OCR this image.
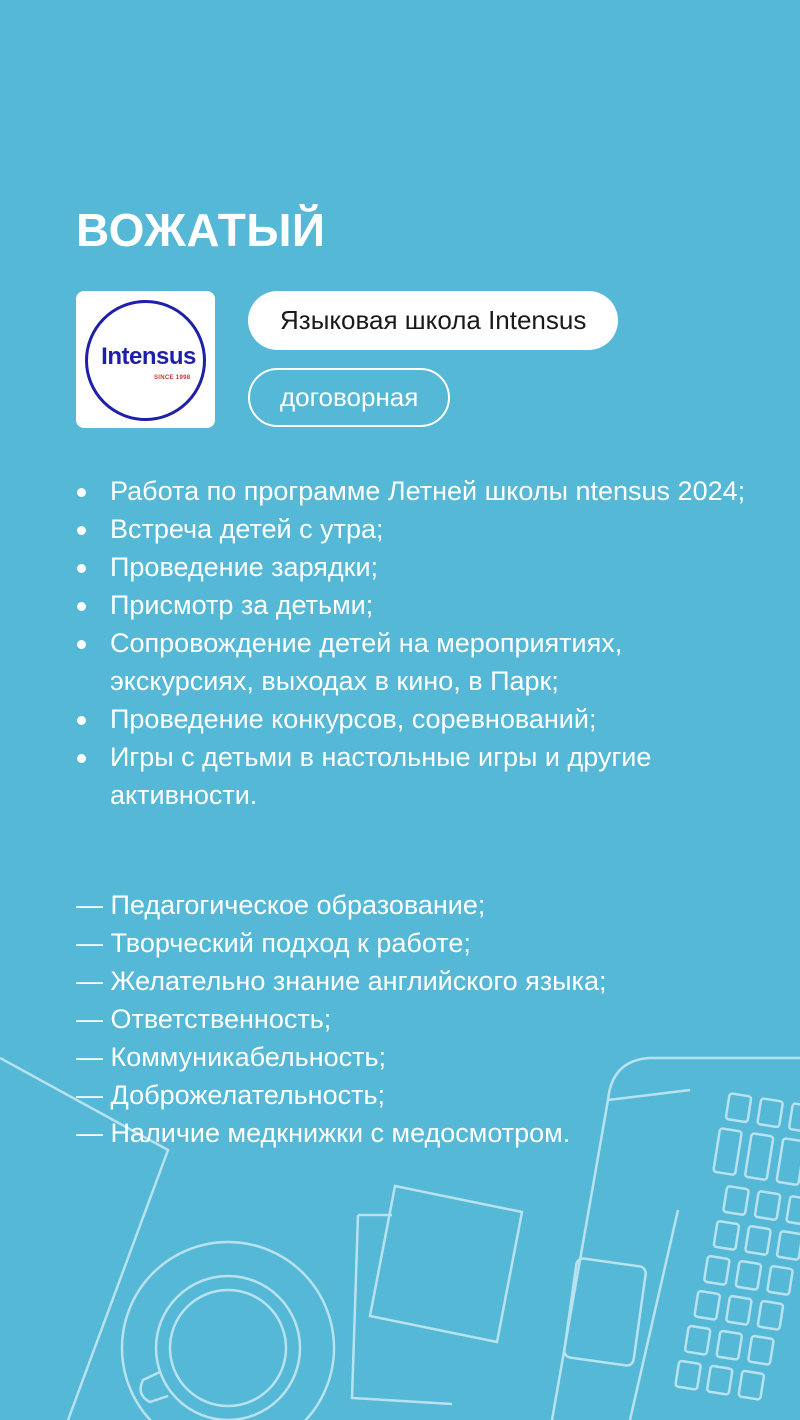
ВОЖАТЫЙ
Intensus
SINCE 1998
Языковая школа Intensus
договорная
Работа по программе Летней школы ntensus 2024;
Встреча детей с утра;
Проведение зарядки;
Присмотр за детьми;
Сопровождение детей на мероприятиях, экскурсиях, выходах в кино, в Парк;
Проведение конкурсов, соревнований;
Игры с детьми в настольные игры и другие активности.
— Педагогическое образование;
— Творческий подход к работе;
— Желательно знание английского языка;
— Ответственность;
— Коммуникабельность;
— Доброжелательность;
— Наличие медкнижки с медосмотром.
